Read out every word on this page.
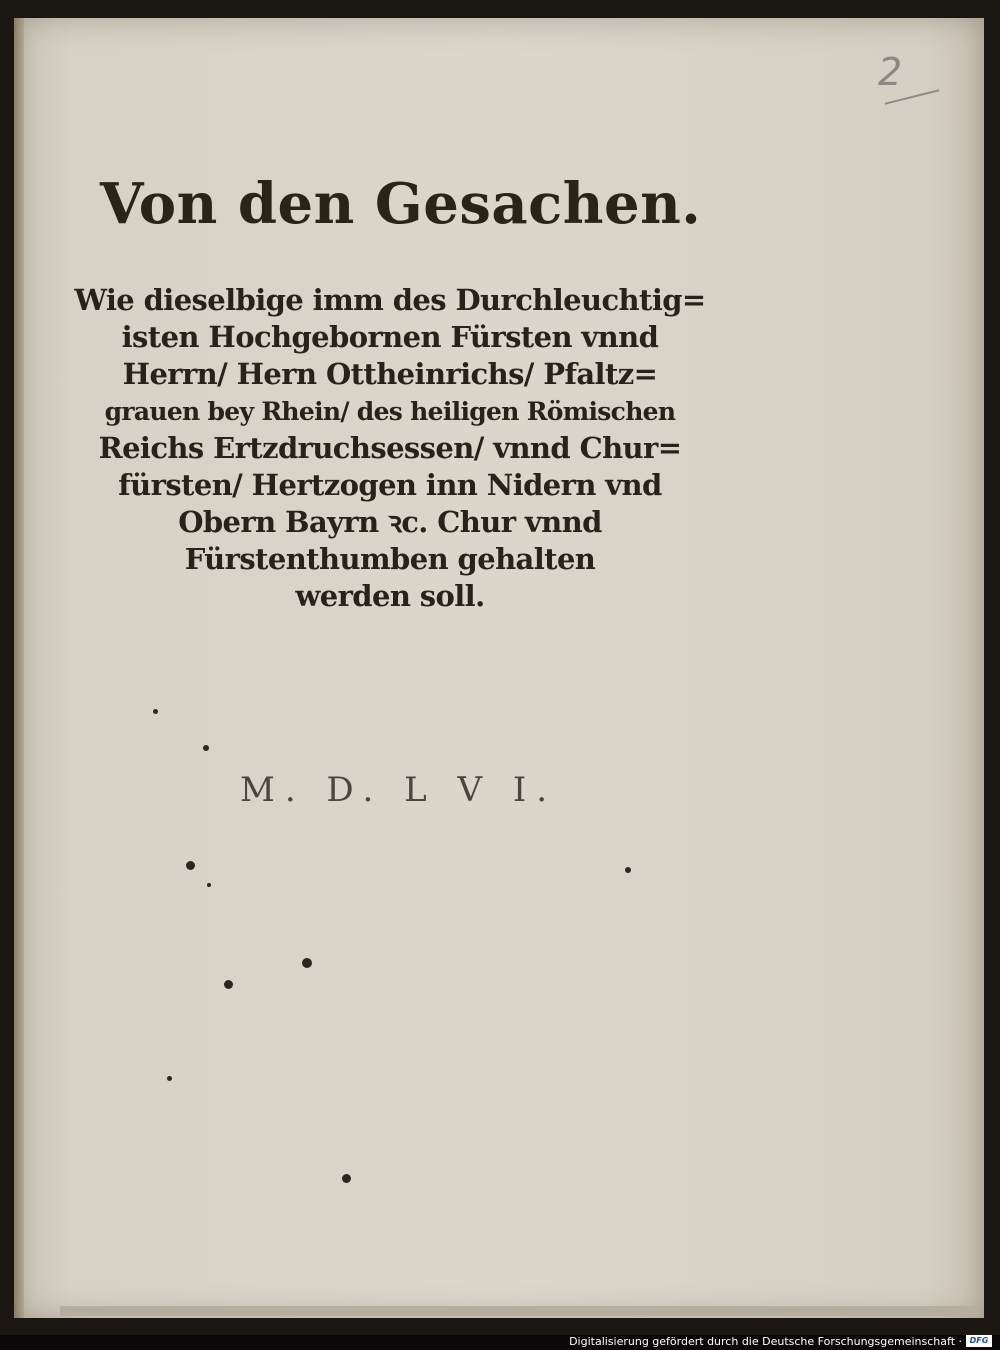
2
Von den Gesachen.
Wie dieselbige imm des Durchleuchtig=
isten Hochgebornen Fürsten vnnd
Herrn/ Hern Ottheinrichs/ Pfaltz=
grauen bey Rhein/ des heiligen Römischen
Reichs Ertzdruchsessen/ vnnd Chur=
fürsten/ Hertzogen inn Nidern vnd
Obern Bayrn ꝛc. Chur vnnd
Fürstenthumben gehalten
werden soll.
M. D. L V I.
Digitalisierung gefördert durch die Deutsche Forschungsgemeinschaft · DFG
